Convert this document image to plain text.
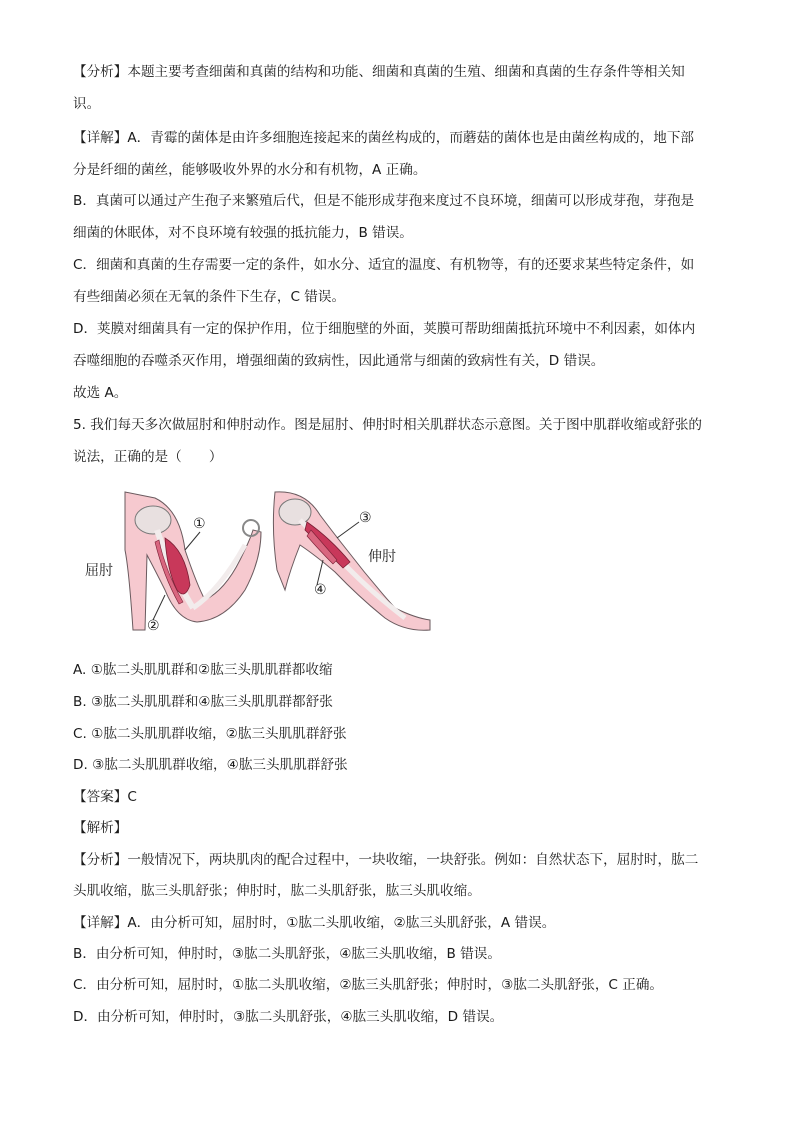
【分析】本题主要考查细菌和真菌的结构和功能、细菌和真菌的生殖、细菌和真菌的生存条件等相关知
识。
【详解】A．青霉的菌体是由许多细胞连接起来的菌丝构成的，而蘑菇的菌体也是由菌丝构成的，地下部
分是纤细的菌丝，能够吸收外界的水分和有机物，A 正确。
B．真菌可以通过产生孢子来繁殖后代，但是不能形成芽孢来度过不良环境，细菌可以形成芽孢，芽孢是
细菌的休眠体，对不良环境有较强的抵抗能力，B 错误。
C．细菌和真菌的生存需要一定的条件，如水分、适宜的温度、有机物等，有的还要求某些特定条件，如
有些细菌必须在无氧的条件下生存，C 错误。
D．荚膜对细菌具有一定的保护作用，位于细胞壁的外面，荚膜可帮助细菌抵抗环境中不利因素，如体内
吞噬细胞的吞噬杀灭作用，增强细菌的致病性，因此通常与细菌的致病性有关，D 错误。
故选 A。
5. 我们每天多次做屈肘和伸肘动作。图是屈肘、伸肘时相关肌群状态示意图。关于图中肌群收缩或舒张的
说法，正确的是（　　）
屈肘
伸肘
①
②
③
④
A. ①肱二头肌肌群和②肱三头肌肌群都收缩
B. ③肱二头肌肌群和④肱三头肌肌群都舒张
C. ①肱二头肌肌群收缩，②肱三头肌肌群舒张
D. ③肱二头肌肌群收缩，④肱三头肌肌群舒张
【答案】C
【解析】
【分析】一般情况下，两块肌肉的配合过程中，一块收缩，一块舒张。例如：自然状态下，屈肘时，肱二
头肌收缩，肱三头肌舒张；伸肘时，肱二头肌舒张，肱三头肌收缩。
【详解】A．由分析可知，屈肘时，①肱二头肌收缩，②肱三头肌舒张，A 错误。
B．由分析可知，伸肘时，③肱二头肌舒张，④肱三头肌收缩，B 错误。
C．由分析可知，屈肘时，①肱二头肌收缩，②肱三头肌舒张；伸肘时，③肱二头肌舒张，C 正确。
D．由分析可知，伸肘时，③肱二头肌舒张，④肱三头肌收缩，D 错误。
